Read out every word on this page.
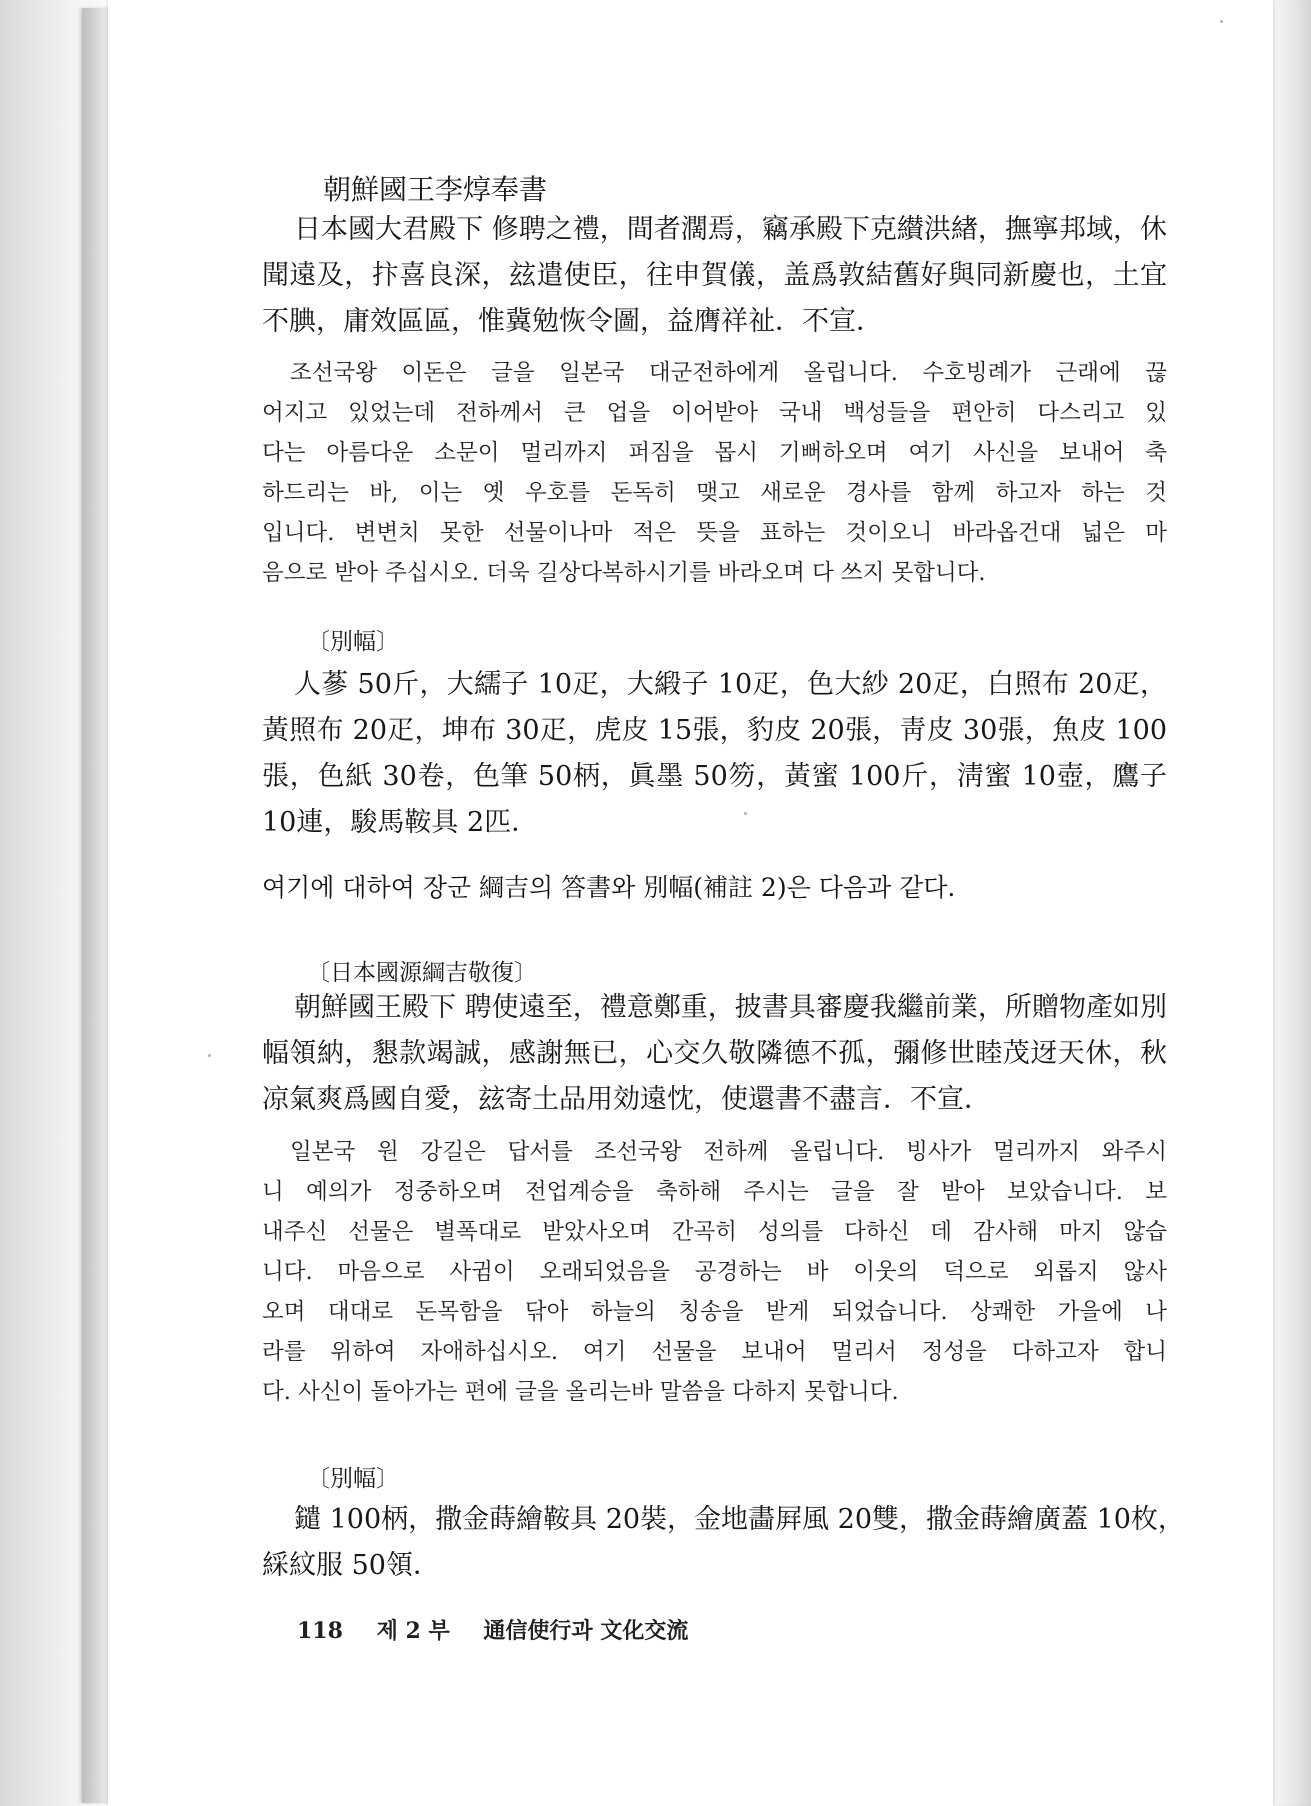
朝鮮國王李焞奉書
日本國大君殿下 修聘之禮，間者濶焉，竊承殿下克纉洪緖，撫寧邦域，休
聞遠及，抃喜良深，玆遣使臣，往申賀儀，盖爲敦結舊好與同新慶也，土宜
不腆，庸效區區，惟冀勉恢令圖，益膺祥祉．不宣．
조선국왕 이돈은 글을 일본국 대군전하에게 올립니다. 수호빙례가 근래에 끊
어지고 있었는데 전하께서 큰 업을 이어받아 국내 백성들을 편안히 다스리고 있
다는 아름다운 소문이 멀리까지 퍼짐을 몹시 기뻐하오며 여기 사신을 보내어 축
하드리는 바, 이는 옛 우호를 돈독히 맺고 새로운 경사를 함께 하고자 하는 것
입니다. 변변치 못한 선물이나마 적은 뜻을 표하는 것이오니 바라옵건대 넓은 마
음으로 받아 주십시오. 더욱 길상다복하시기를 바라오며 다 쓰지 못합니다.
〔別幅〕
人蔘 50斤，大繻子 10疋，大緞子 10疋，色大紗 20疋，白照布 20疋，
黃照布 20疋，坤布 30疋，虎皮 15張，豹皮 20張，靑皮 30張，魚皮 100
張，色紙 30卷，色筆 50柄，眞墨 50笏，黃蜜 100斤，淸蜜 10壺，鷹子
10連，駿馬鞍具 2匹．
여기에 대하여 장군 綱吉의 答書와 別幅(補註 2)은 다음과 같다.
〔日本國源綱吉敬復〕
朝鮮國王殿下 聘使遠至，禮意鄭重，披書具審慶我繼前業，所贈物產如別
幅領納，懇款竭誠，感謝無已，心交久敬隣德不孤，彌修世睦茂迓天休，秋
凉氣爽爲國自愛，玆寄土品用効遠忱，使還書不盡言．不宣．
일본국 원 강길은 답서를 조선국왕 전하께 올립니다. 빙사가 멀리까지 와주시
니 예의가 정중하오며 전업계승을 축하해 주시는 글을 잘 받아 보았습니다. 보
내주신 선물은 별폭대로 받았사오며 간곡히 성의를 다하신 데 감사해 마지 않습
니다. 마음으로 사귐이 오래되었음을 공경하는 바 이웃의 덕으로 외롭지 않사
오며 대대로 돈목함을 닦아 하늘의 칭송을 받게 되었습니다. 상쾌한 가을에 나
라를 위하여 자애하십시오. 여기 선물을 보내어 멀리서 정성을 다하고자 합니
다. 사신이 돌아가는 편에 글을 올리는바 말씀을 다하지 못합니다.
〔別幅〕
鑓 100柄，撒金蒔繪鞍具 20裝，金地畵屛風 20雙，撒金蒔繪廣蓋 10枚，
綵紋服 50領．
118 제 2 부 通信使行과 文化交流
